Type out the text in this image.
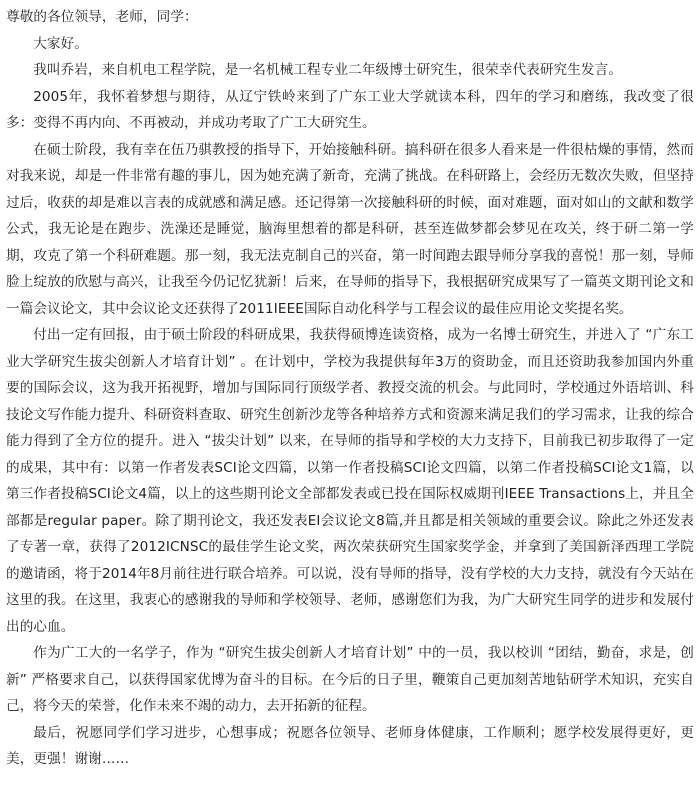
尊敬的各位领导，老师，同学：

大家好。

我叫乔岩，来自机电工程学院，是一名机械工程专业二年级博士研究生，很荣幸代表研究生发言。

2005年，我怀着梦想与期待，从辽宁铁岭来到了广东工业大学就读本科，四年的学习和磨练，我改变了很多：变得不再内向、不再被动，并成功考取了广工大研究生。

在硕士阶段，我有幸在伍乃骐教授的指导下，开始接触科研。搞科研在很多人看来是一件很枯燥的事情，然而对我来说，却是一件非常有趣的事儿，因为她充满了新奇，充满了挑战。在科研路上，会经历无数次失败，但坚持过后，收获的却是难以言表的成就感和满足感。还记得第一次接触科研的时候，面对难题，面对如山的文献和数学公式，我无论是在跑步、洗澡还是睡觉，脑海里想着的都是科研，甚至连做梦都会梦见在攻关，终于研二第一学期，攻克了第一个科研难题。那一刻，我无法克制自己的兴奋，第一时间跑去跟导师分享我的喜悦！那一刻，导师脸上绽放的欣慰与高兴，让我至今仍记忆犹新！后来，在导师的指导下，我根据研究成果写了一篇英文期刊论文和一篇会议论文，其中会议论文还获得了2011IEEE国际自动化科学与工程会议的最佳应用论文奖提名奖。

付出一定有回报，由于硕士阶段的科研成果，我获得硕博连读资格，成为一名博士研究生，并进入了 “广东工业大学研究生拔尖创新人才培育计划” 。在计划中，学校为我提供每年3万的资助金，而且还资助我参加国内外重要的国际会议，这为我开拓视野，增加与国际同行顶级学者、教授交流的机会。与此同时，学校通过外语培训、科技论文写作能力提升、科研资料查取、研究生创新沙龙等各种培养方式和资源来满足我们的学习需求，让我的综合能力得到了全方位的提升。进入 “拔尖计划” 以来，在导师的指导和学校的大力支持下，目前我已初步取得了一定的成果，其中有：以第一作者发表SCI论文四篇，以第一作者投稿SCI论文四篇，以第二作者投稿SCI论文1篇，以第三作者投稿SCI论文4篇，以上的这些期刊论文全部都发表或已投在国际权威期刊IEEE Transactions上，并且全部都是regular paper。除了期刊论文，我还发表EI会议论文8篇,并且都是相关领域的重要会议。除此之外还发表了专著一章，获得了2012ICNSC的最佳学生论文奖，两次荣获研究生国家奖学金，并拿到了美国新泽西理工学院的邀请函，将于2014年8月前往进行联合培养。可以说，没有导师的指导，没有学校的大力支持，就没有今天站在这里的我。在这里，我衷心的感谢我的导师和学校领导、老师，感谢您们为我，为广大研究生同学的进步和发展付出的心血。

作为广工大的一名学子，作为 “研究生拔尖创新人才培育计划” 中的一员，我以校训 “团结，勤奋，求是，创新” 严格要求自己，以获得国家优博为奋斗的目标。在今后的日子里，鞭策自己更加刻苦地钻研学术知识，充实自己，将今天的荣誉，化作未来不竭的动力，去开拓新的征程。

最后，祝愿同学们学习进步，心想事成；祝愿各位领导、老师身体健康，工作顺利；愿学校发展得更好，更美，更强！谢谢……
